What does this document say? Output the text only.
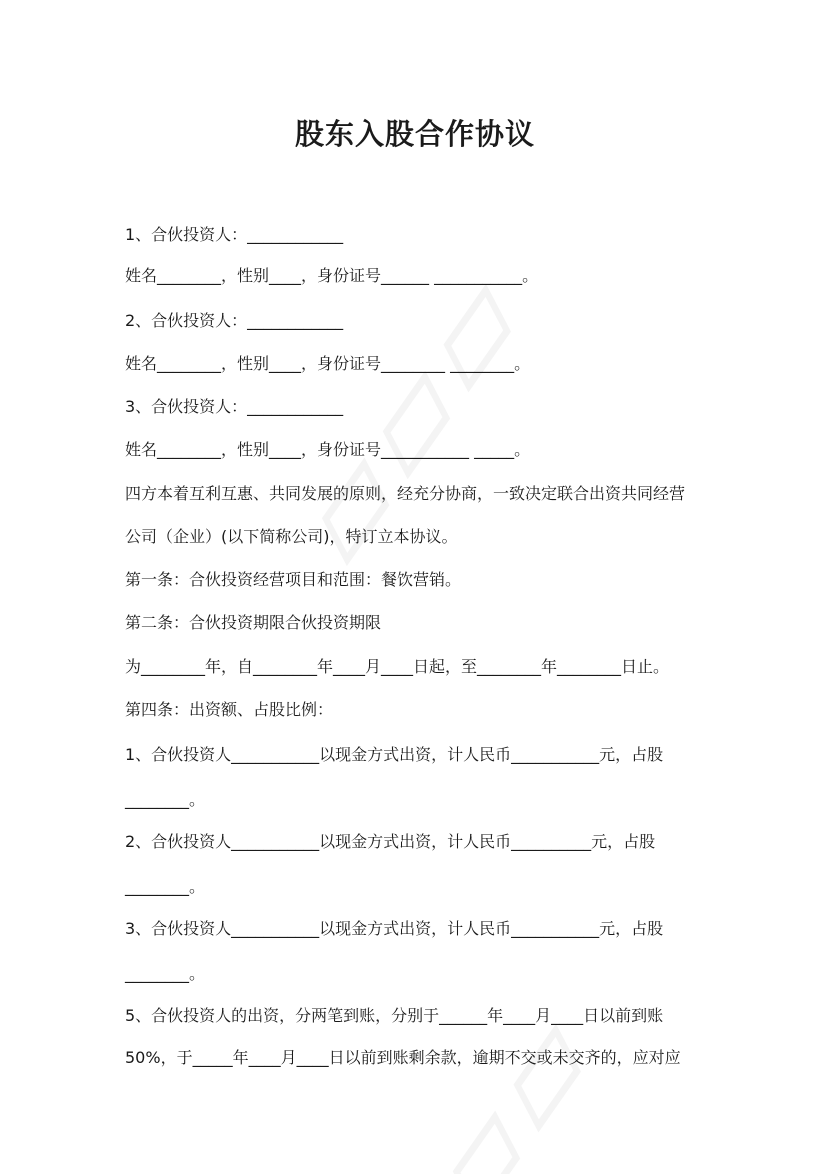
股东入股合作协议

1、合伙投资人：____________

姓名________，性别____，身份证号______ ___________。

2、合伙投资人：____________

姓名________，性别____，身份证号________ ________。

3、合伙投资人：____________

姓名________，性别____，身份证号___________ _____。

四方本着互利互惠、共同发展的原则，经充分协商，一致决定联合出资共同经营

公司（企业）(以下简称公司)，特订立本协议。

第一条：合伙投资经营项目和范围：餐饮营销。

第二条：合伙投资期限合伙投资期限

为________年，自________年____月____日起，至________年________日止。

第四条：出资额、占股比例：

1、合伙投资人___________以现金方式出资，计人民币___________元，占股

________。

2、合伙投资人___________以现金方式出资，计人民币__________元，占股

________。

3、合伙投资人___________以现金方式出资，计人民币___________元，占股

________。

5、合伙投资人的出资，分两笔到账，分别于______年____月____日以前到账

50%，于_____年____月____日以前到账剩余款，逾期不交或未交齐的，应对应
